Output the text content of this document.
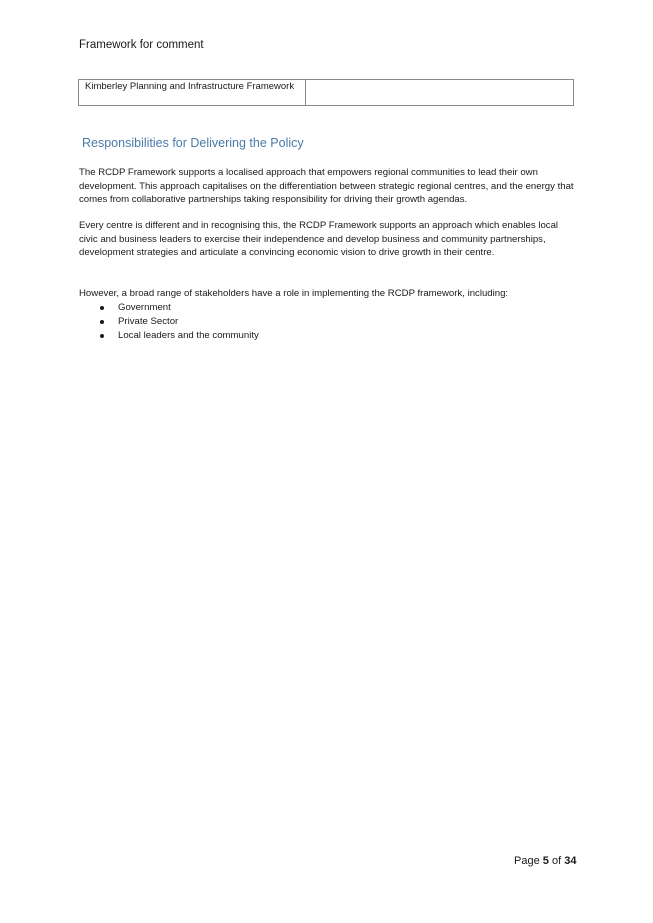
Framework for comment
Kimberley Planning and Infrastructure Framework	
Responsibilities for Delivering the Policy

The RCDP Framework supports a localised approach that empowers regional communities to lead their own development. This approach capitalises on the differentiation between strategic regional centres, and the energy that comes from collaborative partnerships taking responsibility for driving their growth agendas.

Every centre is different and in recognising this, the RCDP Framework supports an approach which enables local civic and business leaders to exercise their independence and develop business and community partnerships, development strategies and articulate a convincing economic vision to drive growth in their centre.

However, a broad range of stakeholders have a role in implementing the RCDP framework, including:

Government
Private Sector
Local leaders and the community
Page 5 of 34
